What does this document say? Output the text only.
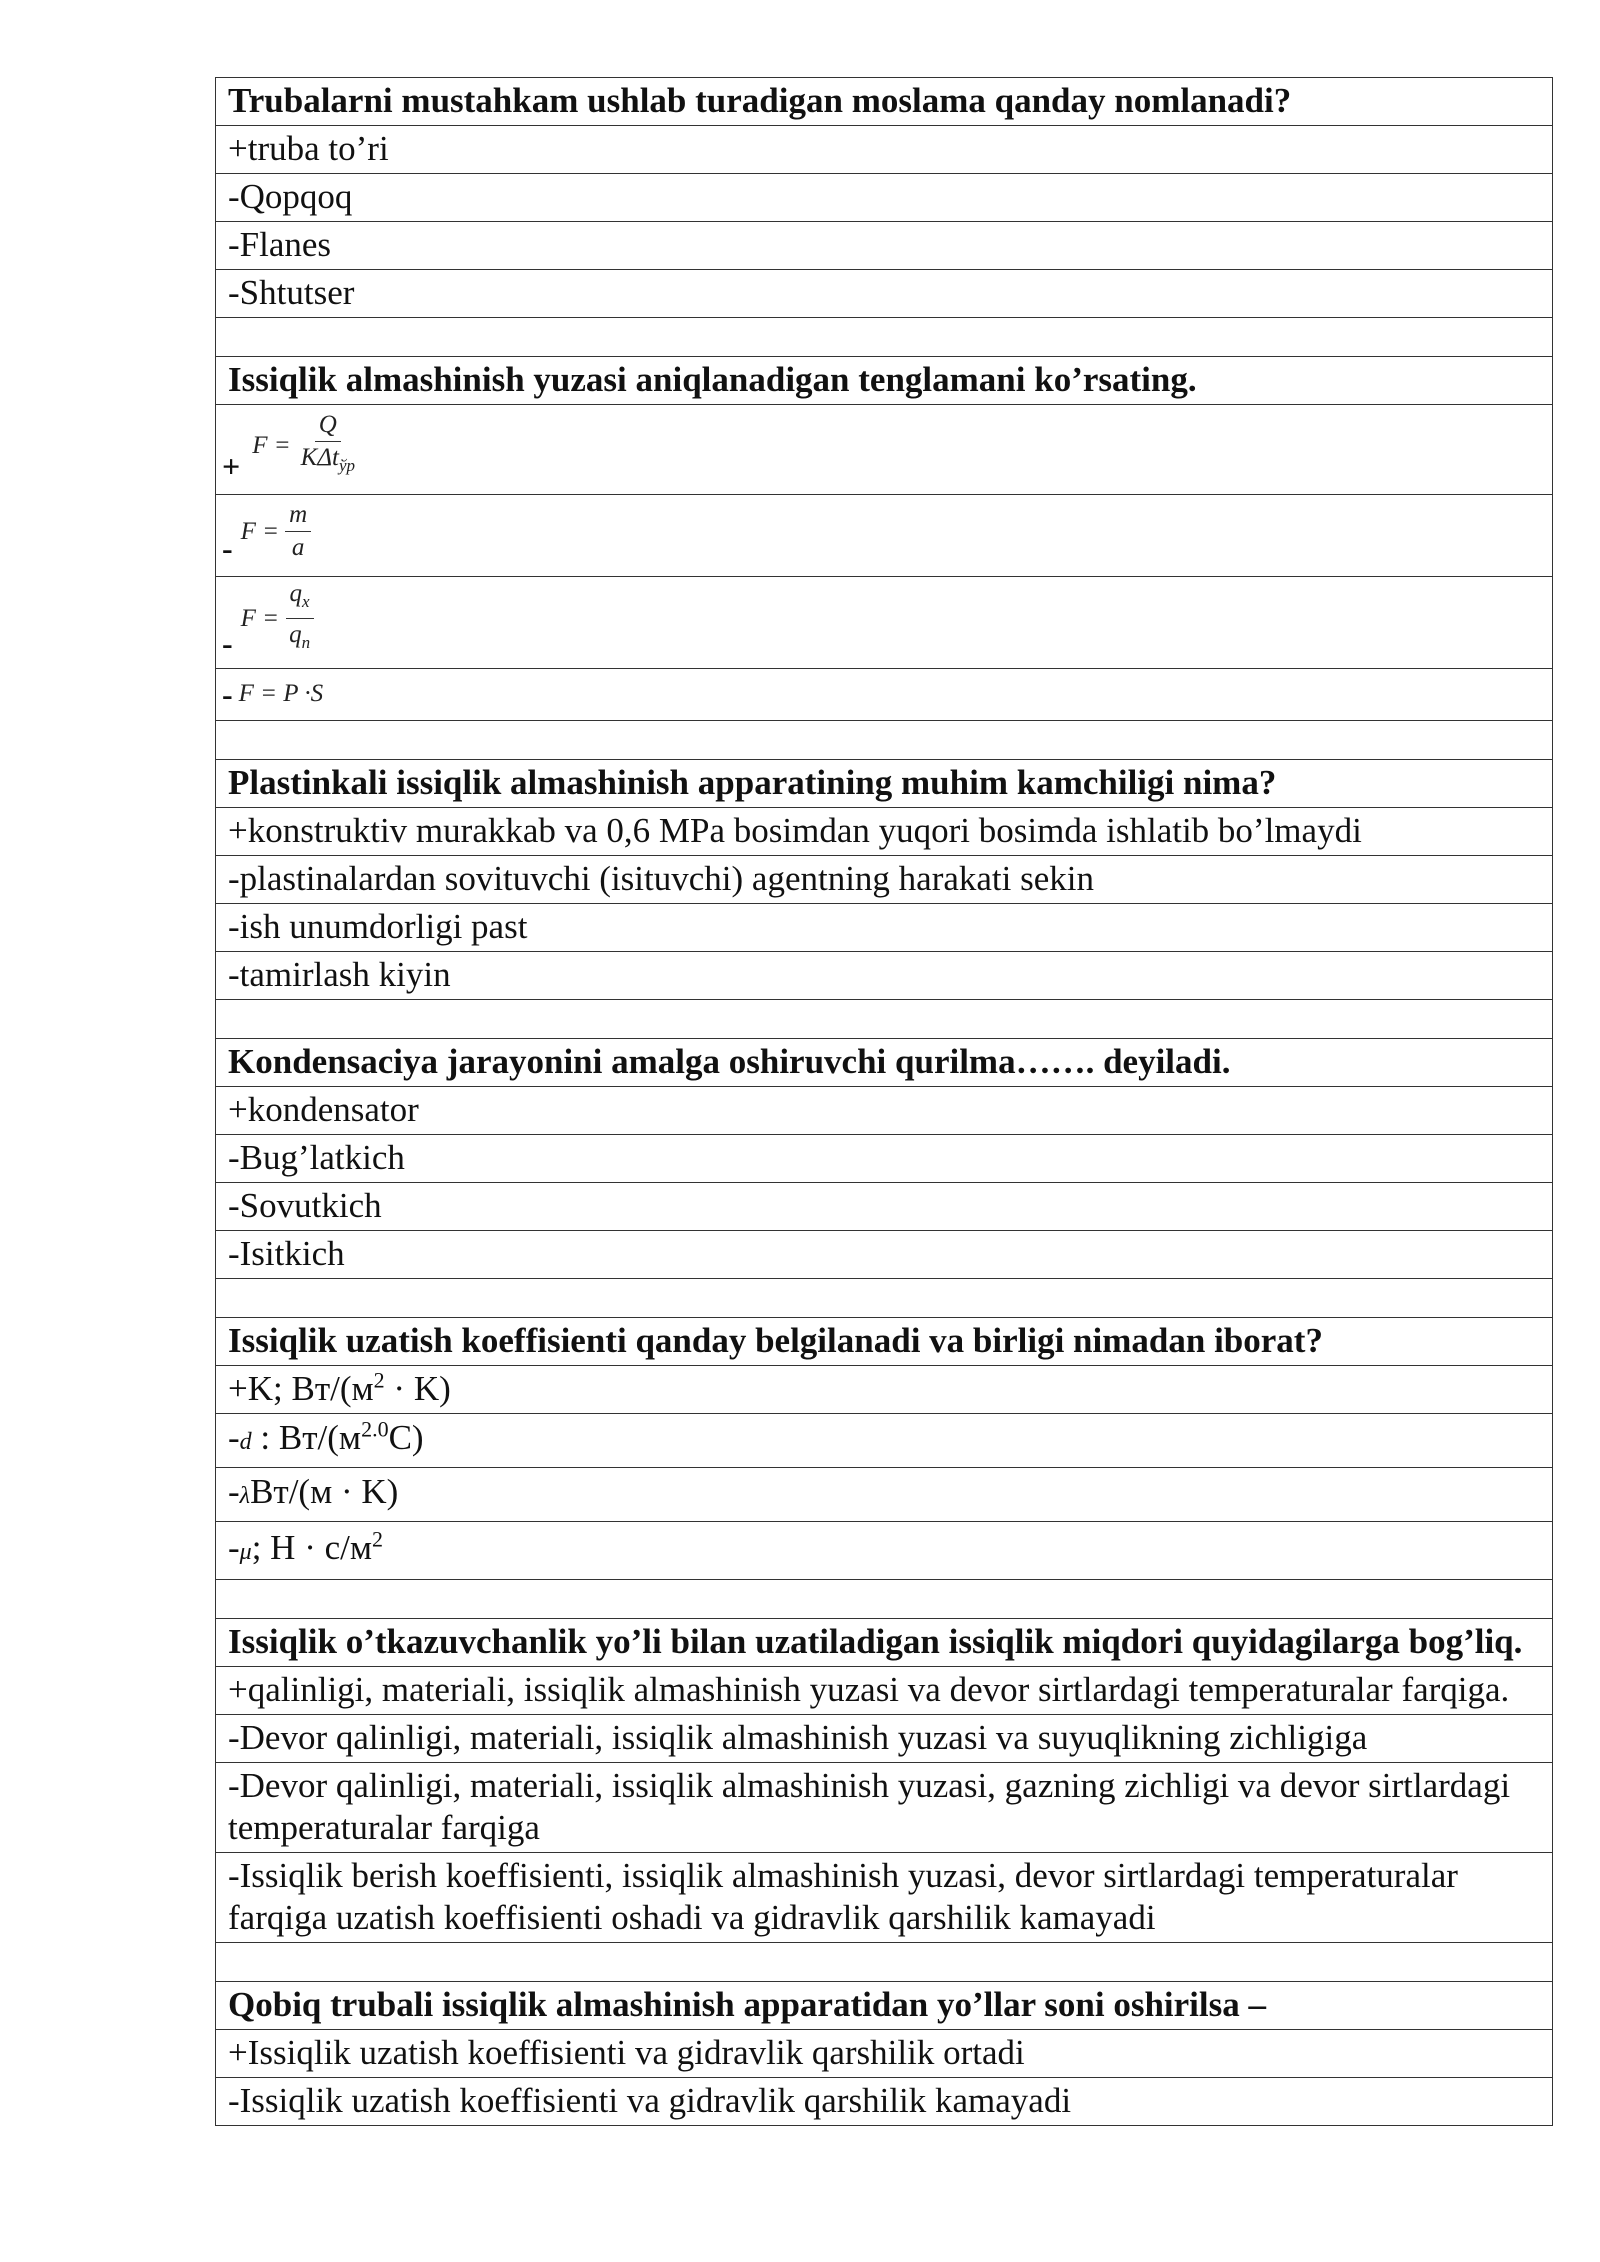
Trubalarni mustahkam ushlab turadigan moslama qanday nomlanadi?
+truba to’ri
-Qopqoq
-Flanes
-Shtutser

Issiqlik almashinish yuzasi aniqlanadigan tenglamani ko’rsating.

+
$F = \frac{Q}{K\Delta t_{ўр}}$

- $F = \frac{m}{a}$

-
$F = \frac{q_x}{q_n}$

- F = P ·S

Plastinkali issiqlik almashinish apparatining muhim kamchiligi nima?
+konstruktiv murakkab va 0,6 MPa bosimdan yuqori bosimda ishlatib bo’lmaydi
-plastinalardan sovituvchi (isituvchi) agentning harakati sekin
-ish unumdorligi past
-tamirlash kiyin

Kondensaciya jarayonini amalga oshiruvchi qurilma……. deyiladi.
+kondensator
-Bug’latkich
-Sovutkich
-Isitkich

Issiqlik uzatish koeffisienti qanday belgilanadi va birligi nimadan iborat?
+K; $Вт/(м^2 \cdot K)$
-d : $Вт/(м^{2.0}C)$
-λВт/(м · K)
-μ; $Н \cdot с/м^2$

Issiqlik o’tkazuvchanlik yo’li bilan uzatiladigan issiqlik miqdori quyidagilarga bog’liq.
+qalinligi, materiali, issiqlik almashinish yuzasi va devor sirtlardagi temperaturalar farqiga.
-Devor qalinligi, materiali, issiqlik almashinish yuzasi va suyuqlikning zichligiga
-Devor qalinligi, materiali, issiqlik almashinish yuzasi, gazning zichligi va devor sirtlardagi temperaturalar farqiga
-Issiqlik berish koeffisienti, issiqlik almashinish yuzasi, devor sirtlardagi temperaturalar farqiga uzatish koeffisienti oshadi va gidravlik qarshilik kamayadi

Qobiq trubali issiqlik almashinish apparatidan yo’llar soni oshirilsa –
+Issiqlik uzatish koeffisienti va gidravlik qarshilik ortadi
-Issiqlik uzatish koeffisienti va gidravlik qarshilik kamayadi
